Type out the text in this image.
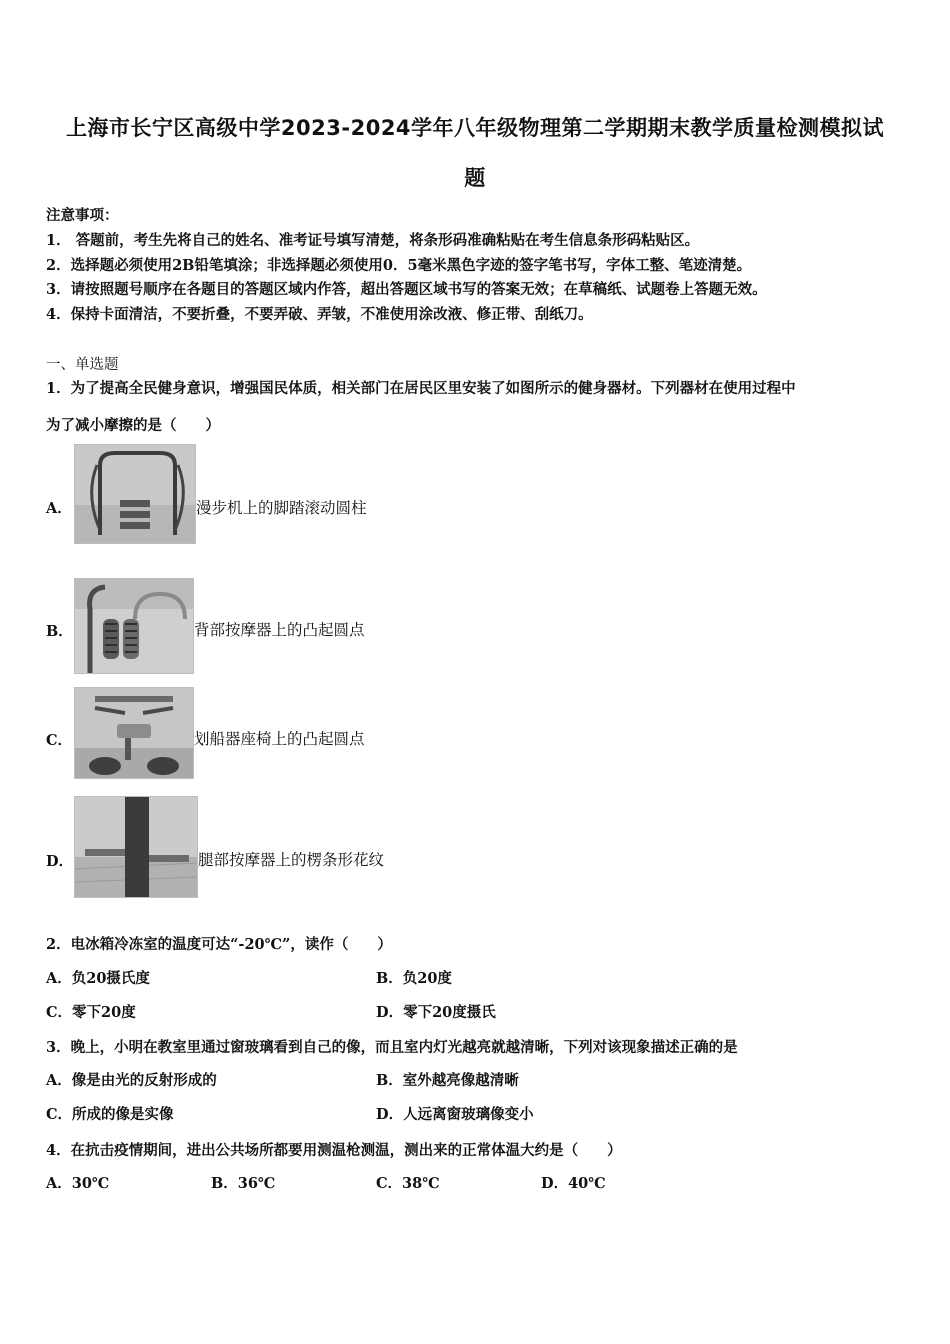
上海市长宁区高级中学2023-2024学年八年级物理第二学期期末教学质量检测模拟试
题
注意事项：
1． 答题前，考生先将自己的姓名、准考证号填写清楚，将条形码准确粘贴在考生信息条形码粘贴区。
2．选择题必须使用2B铅笔填涂；非选择题必须使用0．5毫米黑色字迹的签字笔书写，字体工整、笔迹清楚。
3．请按照题号顺序在各题目的答题区域内作答，超出答题区域书写的答案无效；在草稿纸、试题卷上答题无效。
4．保持卡面清洁，不要折叠，不要弄破、弄皱，不准使用涂改液、修正带、刮纸刀。
一、单选题
1．为了提高全民健身意识，增强国民体质，相关部门在居民区里安装了如图所示的健身器材。下列器材在使用过程中
为了减小摩擦的是（　　）
A．	漫步机上的脚踏滚动圆柱
B．	背部按摩器上的凸起圆点
C．	划船器座椅上的凸起圆点
D．	腿部按摩器上的楞条形花纹
2．电冰箱冷冻室的温度可达“-20℃”，读作（　　）
A．负20摄氏度	B．负20度
C．零下20度	D．零下20度摄氏
3．晚上，小明在教室里通过窗玻璃看到自己的像，而且室内灯光越亮就越清晰，下列对该现象描述正确的是
A．像是由光的反射形成的	B．室外越亮像越清晰
C．所成的像是实像	D．人远离窗玻璃像变小
4．在抗击疫情期间，进出公共场所都要用测温枪测温，测出来的正常体温大约是（　　）
A．30℃	B．36℃	C．38℃	D．40℃
